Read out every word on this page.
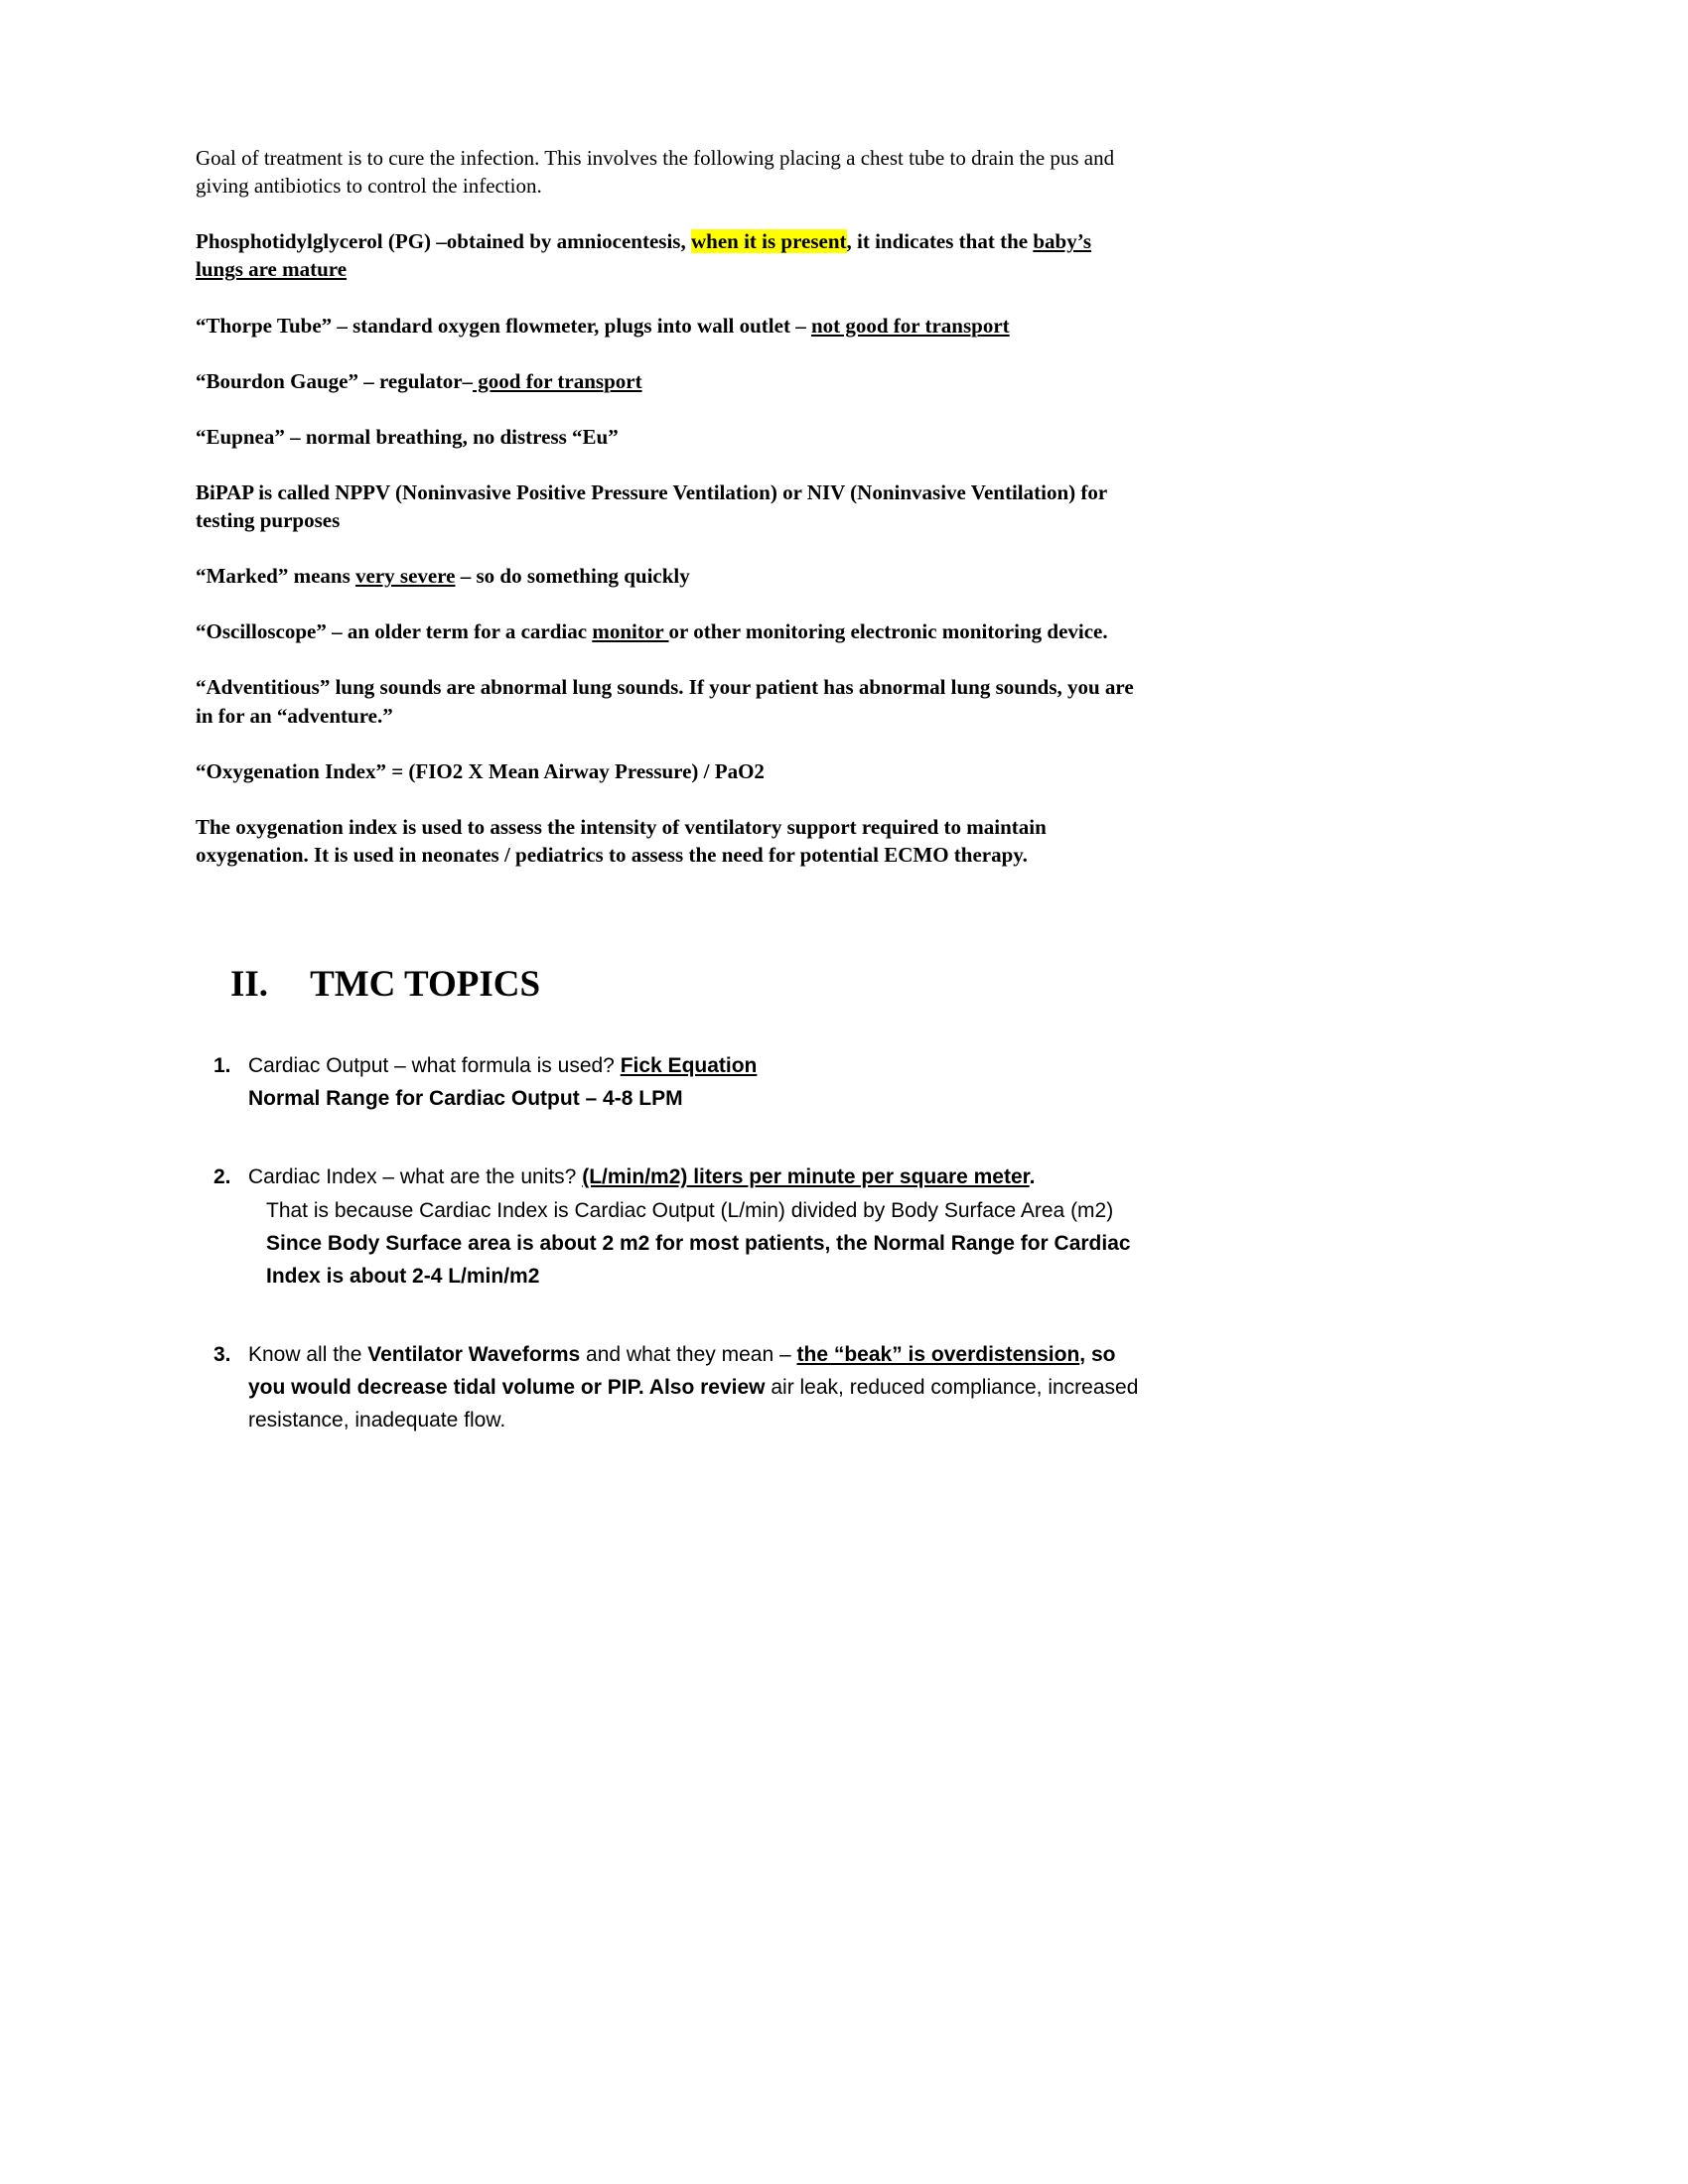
Goal of treatment is to cure the infection. This involves the following placing a chest tube to drain the pus and giving antibiotics to control the infection.

Phosphotidylglycerol (PG) –obtained by amniocentesis, when it is present, it indicates that the baby’s lungs are mature

“Thorpe Tube” – standard oxygen flowmeter, plugs into wall outlet – not good for transport

“Bourdon Gauge” – regulator– good for transport

“Eupnea” – normal breathing, no distress “Eu”

BiPAP is called NPPV (Noninvasive Positive Pressure Ventilation) or NIV (Noninvasive Ventilation) for testing purposes

“Marked” means very severe – so do something quickly

“Oscilloscope” – an older term for a cardiac monitor or other monitoring electronic monitoring device.

“Adventitious” lung sounds are abnormal lung sounds. If your patient has abnormal lung sounds, you are in for an “adventure.”

“Oxygenation Index” = (FIO2 X Mean Airway Pressure) / PaO2

The oxygenation index is used to assess the intensity of ventilatory support required to maintain oxygenation. It is used in neonates / pediatrics to assess the need for potential ECMO therapy.

II. TMC TOPICS
1. Cardiac Output – what formula is used? Fick Equation
Normal Range for Cardiac Output – 4-8 LPM
2. Cardiac Index – what are the units? (L/min/m2) liters per minute per square meter.
That is because Cardiac Index is Cardiac Output (L/min) divided by Body Surface Area (m2)
Since Body Surface area is about 2 m2 for most patients, the Normal Range for Cardiac Index is about 2-4 L/min/m2
3. Know all the Ventilator Waveforms and what they mean – the “beak” is overdistension, so you would decrease tidal volume or PIP. Also review air leak, reduced compliance, increased resistance, inadequate flow.
